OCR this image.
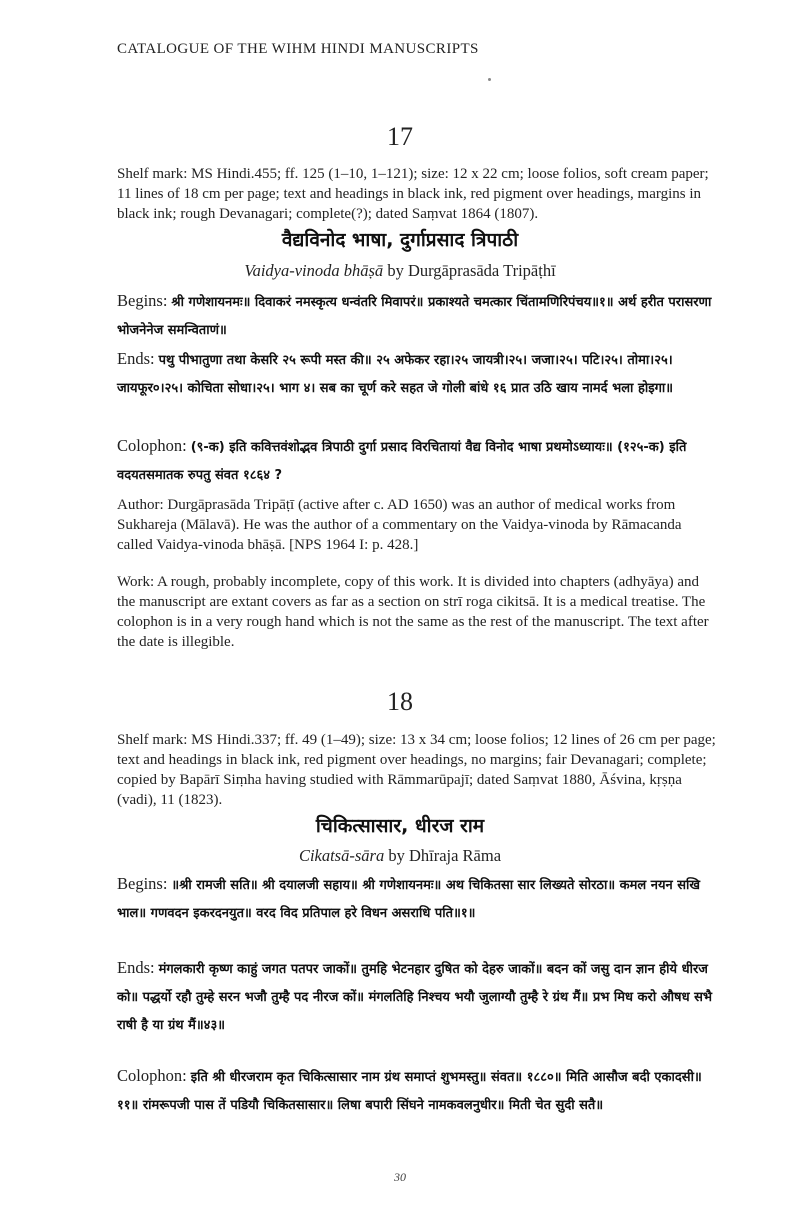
CATALOGUE OF THE WIHM HINDI MANUSCRIPTS
17
Shelf mark: MS Hindi.455; ff. 125 (1–10, 1–121); size: 12 x 22 cm; loose folios, soft cream paper; 11 lines of 18 cm per page; text and headings in black ink, red pigment over headings, margins in black ink; rough Devanagari; complete(?); dated Saṃvat 1864 (1807).
वैद्यविनोद भाषा, दुर्गाप्रसाद त्रिपाठी
Vaidya-vinoda bhāṣā by Durgāprasāda Tripāṭhī
Begins: श्री गणेशायनमः॥ दिवाकरं नमस्कृत्य धन्वंतरि मिवापरं॥ प्रकाश्यते चमत्कार चिंतामणिरिपंचय॥१॥ अर्थ हरीत परासरणा भोजनेनेज समन्विताणं॥
Ends: पथु पीभातुणा तथा केसरि २५ रूपी मस्त की॥ २५ अफेकर रहा।२५ जायत्री।२५। जजा।२५। पटि।२५। तोमा।२५। जायफूर०।२५। कोचिता सोधा।२५। भाग ४। सब का चूर्ण करे सहत जे गोली बांधे १६ प्रात उठि खाय नामर्द भला होइगा॥
Colophon: (९-क) इति कवित्तवंशोद्भव त्रिपाठी दुर्गा प्रसाद विरचितायां वैद्य विनोद भाषा प्रथमोऽध्यायः॥ (१२५-क) इति वदयतसमातक रुपतु संवत १८६४ ?
Author: Durgāprasāda Tripāṭī (active after c. AD 1650) was an author of medical works from Sukhareja (Mālavā). He was the author of a commentary on the Vaidya-vinoda by Rāmacanda called Vaidya-vinoda bhāṣā. [NPS 1964 I: p. 428.]
Work: A rough, probably incomplete, copy of this work. It is divided into chapters (adhyāya) and the manuscript are extant covers as far as a section on strī roga cikitsā. It is a medical treatise. The colophon is in a very rough hand which is not the same as the rest of the manuscript. The text after the date is illegible.
18
Shelf mark: MS Hindi.337; ff. 49 (1–49); size: 13 x 34 cm; loose folios; 12 lines of 26 cm per page; text and headings in black ink, red pigment over headings, no margins; fair Devanagari; complete; copied by Bapārī Siṃha having studied with Rāmmarūpajī; dated Saṃvat 1880, Āśvina, kṛṣṇa (vadi), 11 (1823).
चिकित्सासार, धीरज राम
Cikatsā-sāra by Dhīraja Rāma
Begins: ॥श्री रामजी सति॥ श्री दयालजी सहाय॥ श्री गणेशायनमः॥ अथ चिकितसा सार लिख्यते सोरठा॥ कमल नयन सखि भाल॥ गणवदन इकरदनयुत॥ वरद विद प्रतिपाल हरे विधन असराधि पति॥१॥
Ends: मंगलकारी कृष्ण काहुं जगत पतपर जाकों॥ तुमहि भेटनहार दुषित को देहरु जाकों॥ बदन कों जसु दान ज्ञान हीये धीरज को॥ पद्धर्यो रहौ तुम्हे सरन भजौ तुम्है पद नीरज कों॥ मंगलतिहि निश्चय भयौ जुलाग्यौ तुम्है रे ग्रंथ मैं॥ प्रभ मिध करो औषध सभै राषी है या ग्रंथ मैं॥४३॥
Colophon: इति श्री धीरजराम कृत चिकित्सासार नाम ग्रंथ समाप्तं शुभमस्तु॥ संवत॥ १८८०॥ मिति आसौज बदी एकादसी॥११॥ रांमरूपजी पास तें पडियौ चिकितसासार॥ लिषा बपारी सिंघने नामकवलनुधीर॥ मिती चेत सुदी सतै॥
30
